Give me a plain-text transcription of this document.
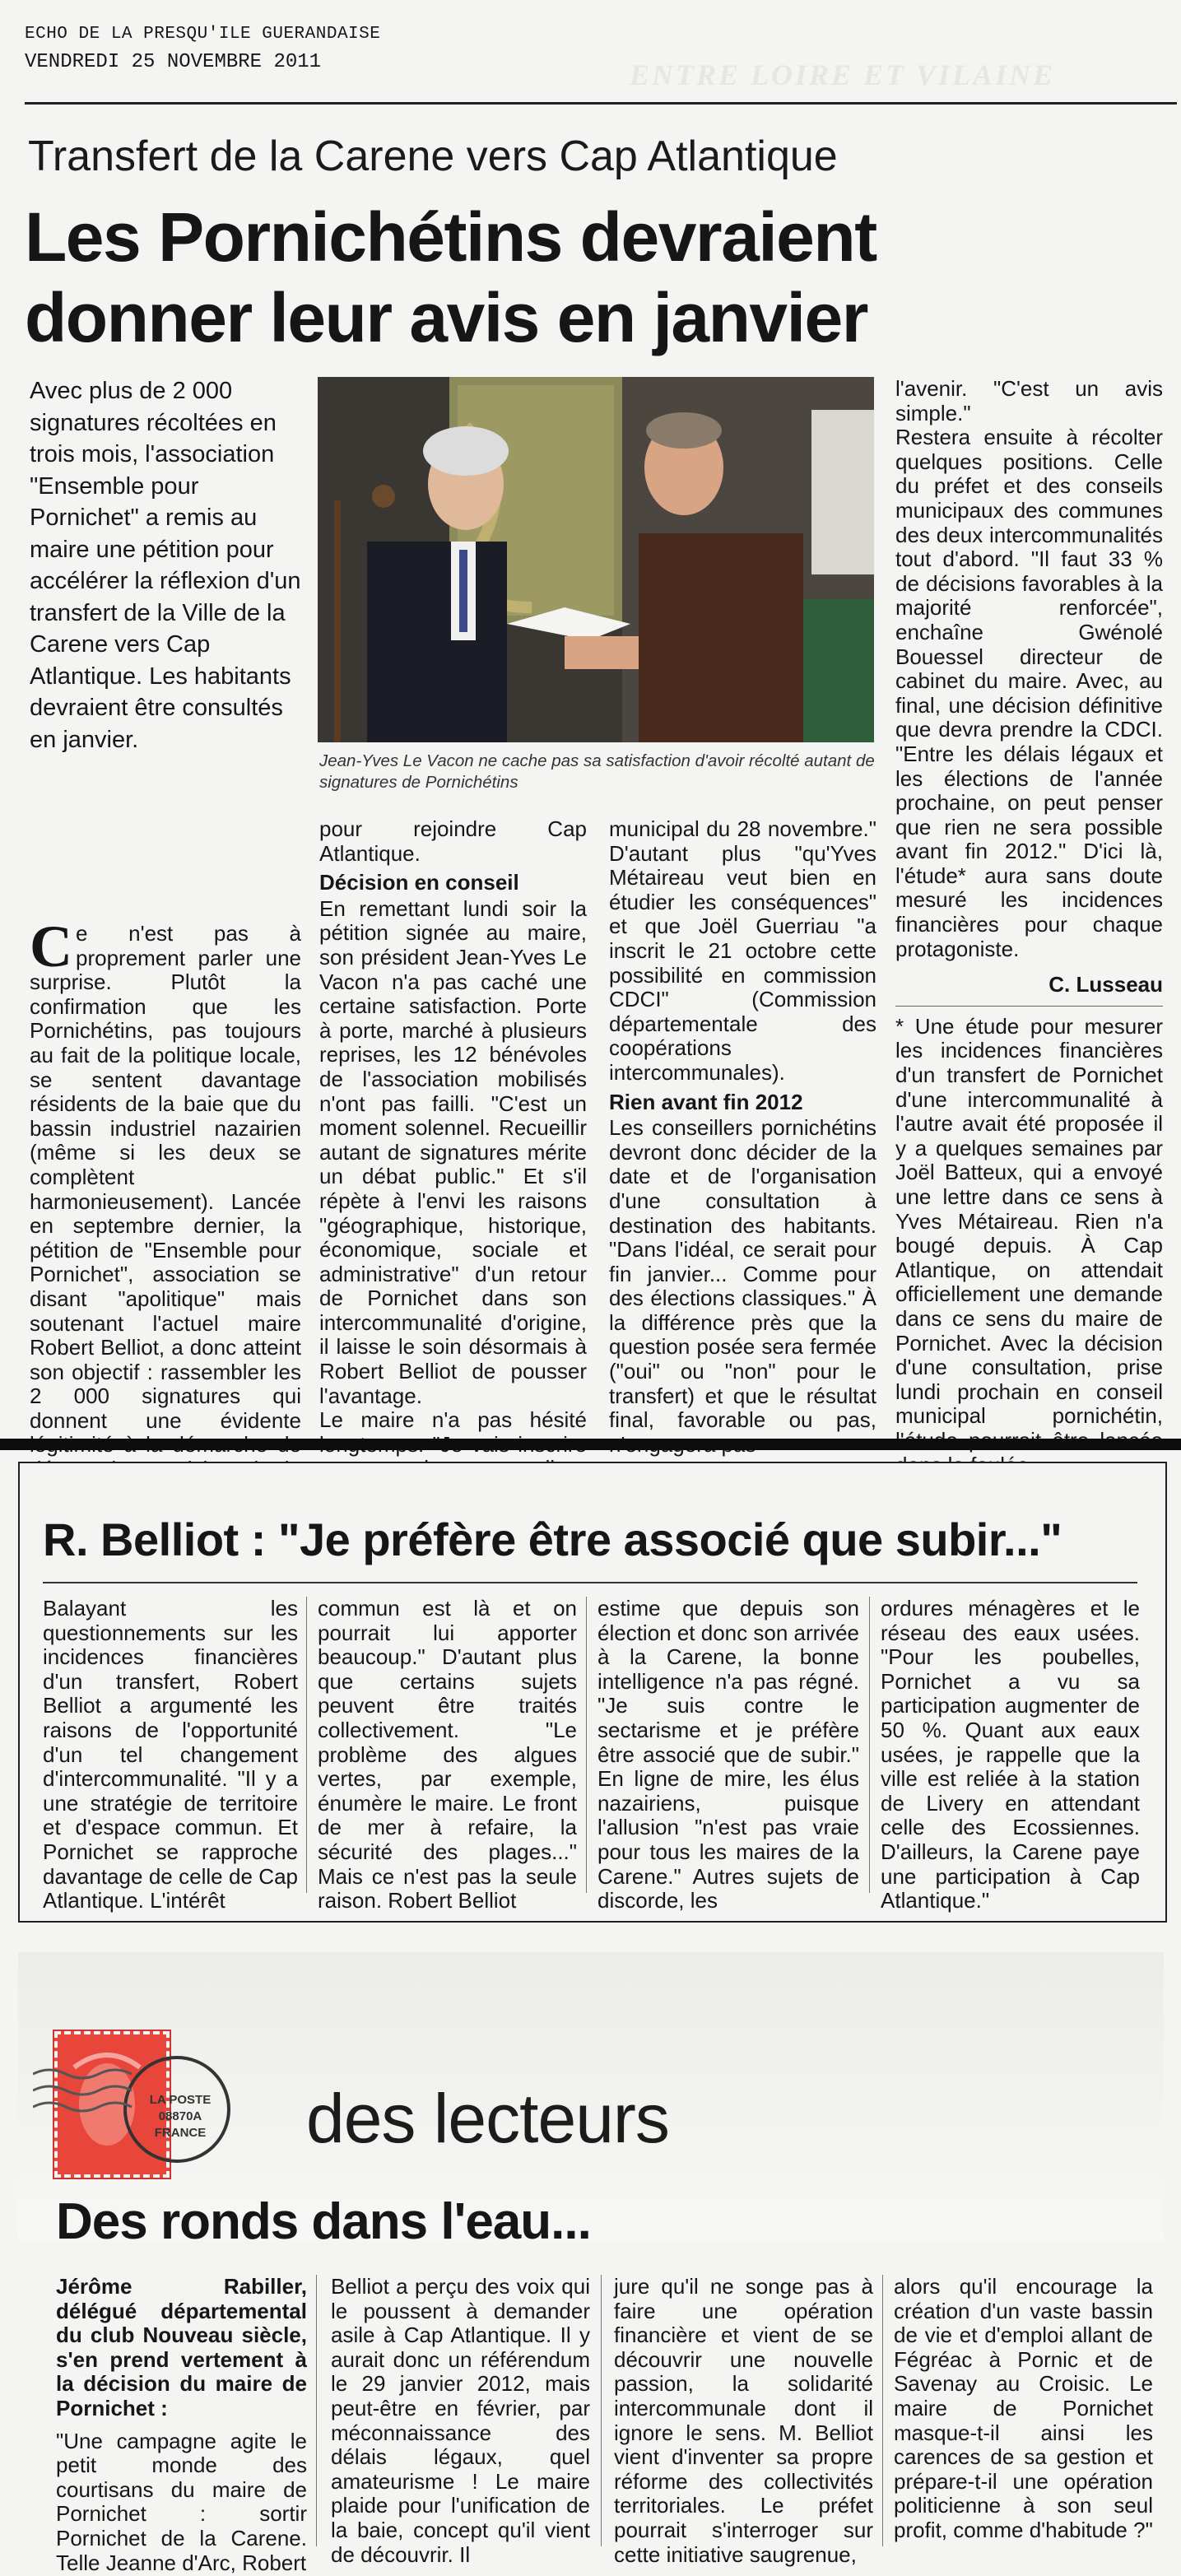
ECHO DE LA PRESQU'ILE GUERANDAISE
VENDREDI 25 NOVEMBRE 2011	ENTRE LOIRE ET VILAINE
Transfert de la Carene vers Cap Atlantique
Les Pornichétins devraient
donner leur avis en janvier

Avec plus de 2 000 signatures récoltées en trois mois, l'association "Ensemble pour Pornichet" a remis au maire une pétition pour accélérer la réflexion d'un transfert de la Ville de la Carene vers Cap Atlantique. Les habitants devraient être consultés en janvier.

Jean-Yves Le Vacon ne cache pas sa satisfaction d'avoir récolté autant de signatures de Pornichétins

C e n'est pas à proprement parler une surprise. Plutôt la confirmation que les Pornichétins, pas toujours au fait de la politique locale, se sentent davantage résidents de la baie que du bassin industriel nazairien (même si les deux se complètent harmonieusement). Lancée en septembre dernier, la pétition de "Ensemble pour Pornichet", association se disant "apolitique" mais soutenant l'actuel maire Robert Belliot, a donc atteint son objectif : rassembler les 2 000 signatures qui donnent une évidente

pour rejoindre Cap Atlantique.

Décision en conseil

En remettant lundi soir la pétition signée au maire, son président Jean-Yves Le Vacon n'a pas caché une certaine satisfaction. Porte à porte, marché à plusieurs reprises, les 12 bénévoles de l'association mobilisés n'ont pas failli. "C'est un moment solennel. Recueillir autant de signatures mérite un débat public." Et s'il répète à l'envi les raisons "géographique, historique, économique, sociale et administrative" d'un retour de Pornichet dans son intercommunalité d'origine, il laisse le soin désormais à Robert Belliot de pousser l'avantage.

Le maire n'a pas hésité

municipal du 28 novembre." D'autant plus "qu'Yves Métaireau veut bien en étudier les conséquences" et que Joël Guerriau "a inscrit le 21 octobre cette possibilité en commission CDCI" (Commission départementale des coopérations intercommunales).

Rien avant fin 2012

Les conseillers pornichétins devront donc décider de la date et de l'organisation d'une consultation à destination des habitants. "Dans l'idéal, ce serait pour fin janvier... Comme pour des élections classiques." À la différence près que la question posée sera fermée ("oui" ou "non" pour le transfert) et que le résultat final, favorable ou pas,

l'avenir. "C'est un avis simple."

Restera ensuite à récolter quelques positions. Celle du préfet et des conseils municipaux des communes des deux intercommunalités tout d'abord. "Il faut 33 % de décisions favorables à la majorité renforcée", enchaîne Gwénolé Bouessel directeur de cabinet du maire. Avec, au final, une décision définitive que devra prendre la CDCI. "Entre les délais légaux et les élections de l'année prochaine, on peut penser que rien ne sera possible avant fin 2012." D'ici là, l'étude* aura sans doute mesuré les incidences financières pour chaque protagoniste.

C. Lusseau

* Une étude pour mesurer les incidences financières d'un transfert de Pornichet d'une intercommunalité à l'autre avait été proposée il y a quelques semaines par Joël Batteux, qui a envoyé une lettre dans ce sens à Yves Métaireau. Rien n'a bougé depuis. À Cap Atlantique, on attendait officiellement une demande dans ce sens du maire de Pornichet. Avec la décision d'une consultation, prise lundi prochain en conseil municipal pornichétin,

R. Belliot : "Je préfère être associé que subir..."

Balayant les questionnements sur les incidences financières d'un transfert, Robert Belliot a argumenté les raisons de l'opportunité d'un tel changement d'intercommunalité. "Il y a une stratégie de territoire et d'espace commun. Et Pornichet se rapproche davantage de celle de Cap Atlantique. L'intérêt

commun est là et on pourrait lui apporter beaucoup." D'autant plus que certains sujets peuvent être traités collectivement. "Le problème des algues vertes, par exemple, énumère le maire. Le front de mer à refaire, la sécurité des plages..." Mais ce n'est pas la seule raison. Robert Belliot

estime que depuis son élection et donc son arrivée à la Carene, la bonne intelligence n'a pas régné. "Je suis contre le sectarisme et je préfère être associé que de subir." En ligne de mire, les élus nazairiens, puisque l'allusion "n'est pas vraie pour tous les maires de la Carene." Autres sujets de discorde, les

ordures ménagères et le réseau des eaux usées. "Pour les poubelles, Pornichet a vu sa participation augmenter de 50 %. Quant aux eaux usées, je rappelle que la ville est reliée à la station de Livery en attendant celle des Ecossiennes. D'ailleurs, la Carene paye une participation à Cap Atlantique."

LA POSTE 08870A FRANCE des lecteurs
Des ronds dans l'eau...

Jérôme Rabiller, délégué départemental du club Nouveau siècle, s'en prend vertement à la décision du maire de Pornichet :

"Une campagne agite le petit monde des courtisans du maire de Pornichet : sortir Pornichet de la Carene. Telle Jeanne d'Arc, Robert

Belliot a perçu des voix qui le poussent à demander asile à Cap Atlantique. Il y aurait donc un référendum le 29 janvier 2012, mais peut-être en février, par méconnaissance des délais légaux, quel amateurisme ! Le maire plaide pour l'unification de la baie, concept qu'il vient de découvrir. Il

jure qu'il ne songe pas à faire une opération financière et vient de se découvrir une nouvelle passion, la solidarité intercommunale dont il ignore le sens. M. Belliot vient d'inventer sa propre réforme des collectivités territoriales. Le préfet pourrait s'interroger sur cette initiative saugrenue,

alors qu'il encourage la création d'un vaste bassin de vie et d'emploi allant de Fégréac à Pornic et de Savenay au Croisic. Le maire de Pornichet masque-t-il ainsi les carences de sa gestion et prépare-t-il une opération politicienne à son seul profit, comme d'habitude ?"
